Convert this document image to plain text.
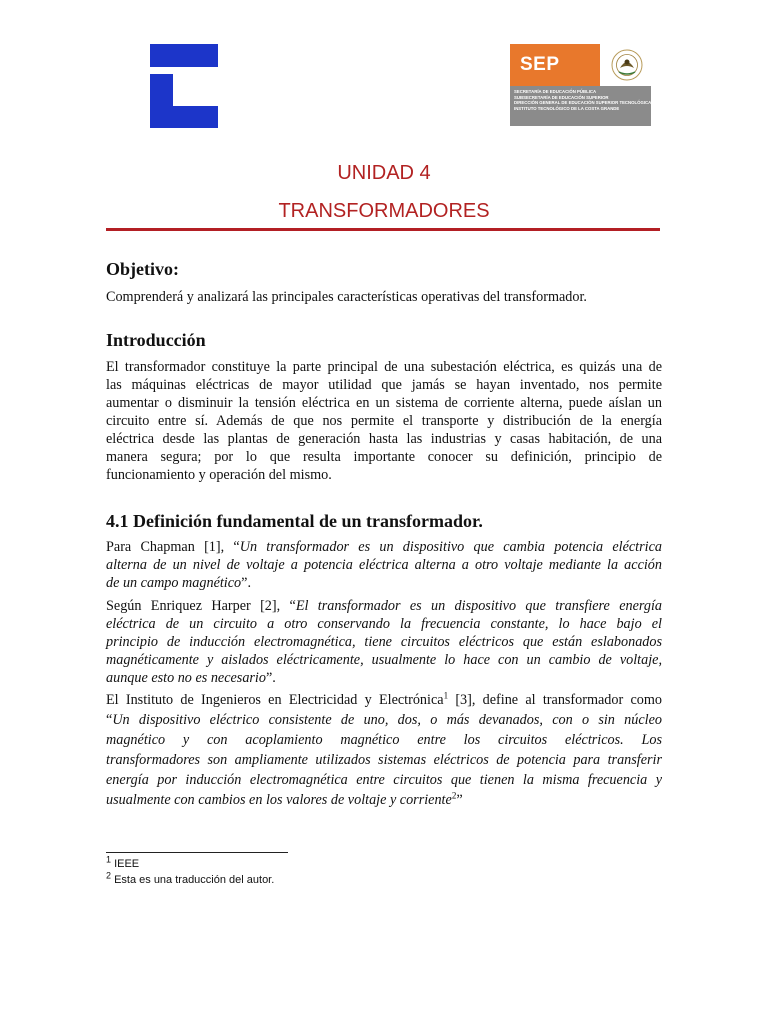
SEP
SECRETARÍA DE EDUCACIÓN PÚBLICA
SUBSECRETARÍA DE EDUCACIÓN SUPERIOR
DIRECCIÓN GENERAL DE EDUCACIÓN SUPERIOR TECNOLÓGICA
INSTITUTO TECNOLÓGICO DE LA COSTA GRANDE
UNIDAD 4
TRANSFORMADORES
Objetivo:

Comprenderá y analizará las principales características operativas del transformador.

Introducción

El transformador constituye la parte principal de una subestación eléctrica, es quizás una de

las máquinas eléctricas de mayor utilidad que jamás se hayan inventado, nos permite

aumentar o disminuir la tensión eléctrica en un sistema de corriente alterna, puede aíslan un

circuito entre sí. Además de que nos permite el transporte y distribución de la energía

eléctrica desde las plantas de generación hasta las industrias y casas habitación, de una

manera segura; por lo que resulta importante conocer su definición, principio de

funcionamiento y operación del mismo.

4.1 Definición fundamental de un transformador.

Para Chapman [1], “Un transformador es un dispositivo que cambia potencia eléctrica

alterna de un nivel de voltaje a potencia eléctrica alterna a otro voltaje mediante la acción

de un campo magnético”.

Según Enriquez Harper [2], “El transformador es un dispositivo que transfiere energía

eléctrica de un circuito a otro conservando la frecuencia constante, lo hace bajo el

principio de inducción electromagnética, tiene circuitos eléctricos que están eslabonados

magnéticamente y aislados eléctricamente, usualmente lo hace con un cambio de voltaje,

aunque esto no es necesario”.

El Instituto de Ingenieros en Electricidad y Electrónica$^1$ [3], define al transformador como

“Un dispositivo eléctrico consistente de uno, dos, o más devanados, con o sin núcleo

magnético y con acoplamiento magnético entre los circuitos eléctricos. Los

transformadores son ampliamente utilizados sistemas eléctricos de potencia para transferir

energía por inducción electromagnética entre circuitos que tienen la misma frecuencia y

usualmente con cambios en los valores de voltaje y corriente$^2$”

$^1$ IEEE
$^2$ Esta es una traducción del autor.
